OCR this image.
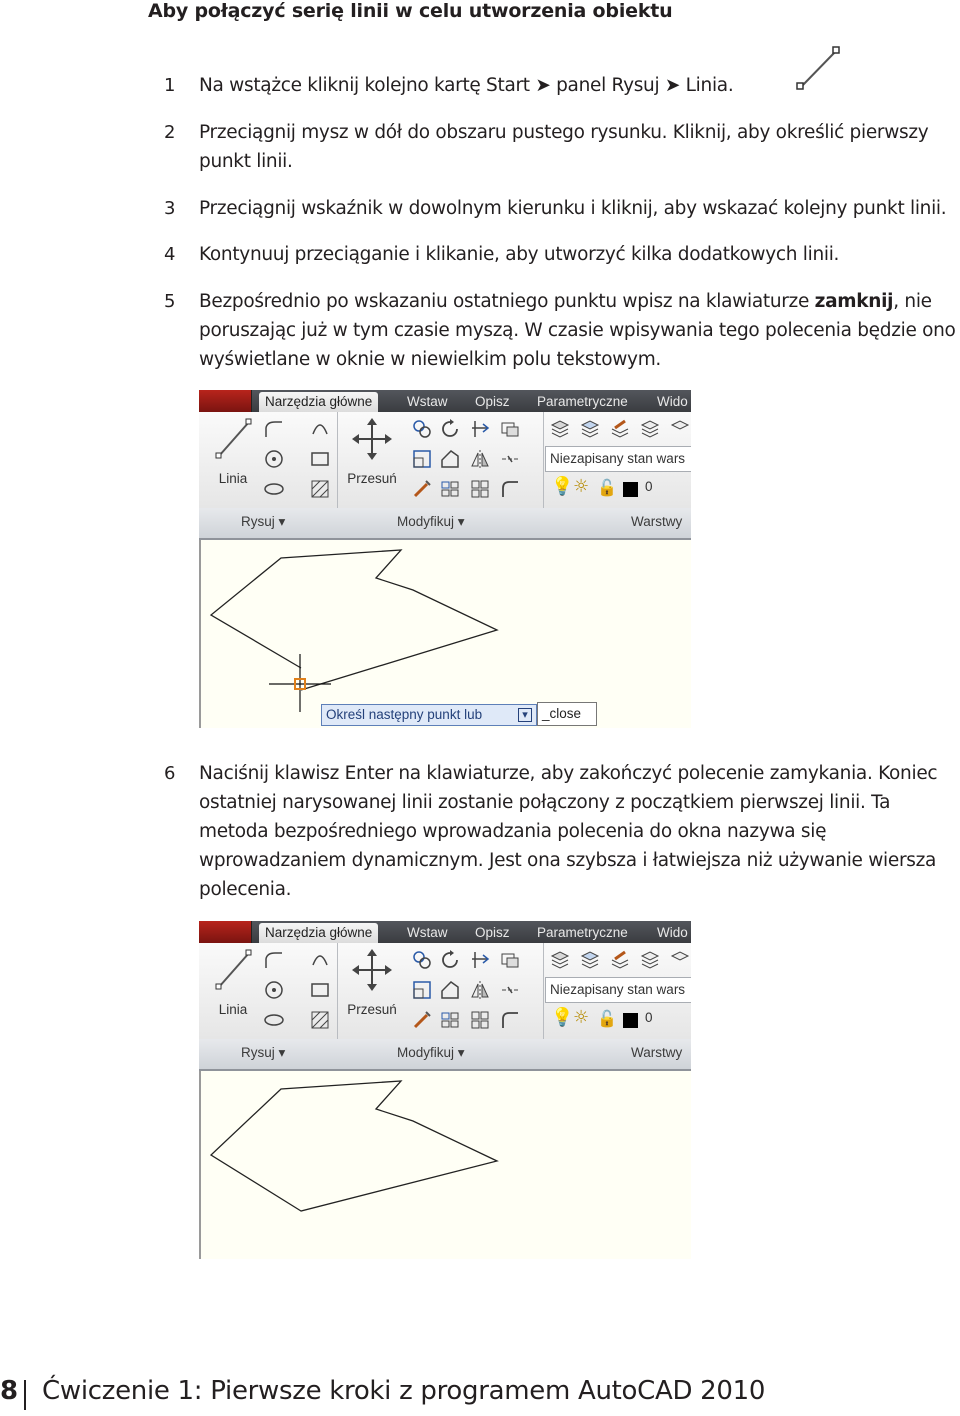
Aby połączyć serię linii w celu utworzenia obiektu
1 Na wstążce kliknij kolejno kartę Start ➤ panel Rysuj ➤ Linia.
2 Przeciągnij mysz w dół do obszaru pustego rysunku. Kliknij, aby określić pierwszy punkt linii.
3 Przeciągnij wskaźnik w dowolnym kierunku i kliknij, aby wskazać kolejny punkt linii.
4 Kontynuuj przeciąganie i klikanie, aby utworzyć kilka dodatkowych linii.
5 Bezpośrednio po wskazaniu ostatniego punktu wpisz na klawiaturze zamknij, nie poruszając już w tym czasie myszą. W czasie wpisywania tego polecenia będzie ono wyświetlane w oknie w niewielkim polu tekstowym.
Narzędzia główne	Wstaw	Opisz	Parametryczne	Wido
Linia	Przesuń
Niezapisany stan wars
💡 ☼ 🔓 0
Rysuj ▾	Modyfikuj ▾	Warstwy
Określ następny punkt lub	▾	_close
6 Naciśnij klawisz Enter na klawiaturze, aby zakończyć polecenie zamykania. Koniec ostatniej narysowanej linii zostanie połączony z początkiem pierwszej linii. Ta metoda bezpośredniego wprowadzania polecenia do okna nazywa się wprowadzaniem dynamicznym. Jest ona szybsza i łatwiejsza niż używanie wiersza polecenia.
Narzędzia główne	Wstaw	Opisz	Parametryczne	Wido
Linia	Przesuń
Niezapisany stan wars
💡 ☼ 🔓 0
Rysuj ▾	Modyfikuj ▾	Warstwy
8 Ćwiczenie 1: Pierwsze kroki z programem AutoCAD 2010
